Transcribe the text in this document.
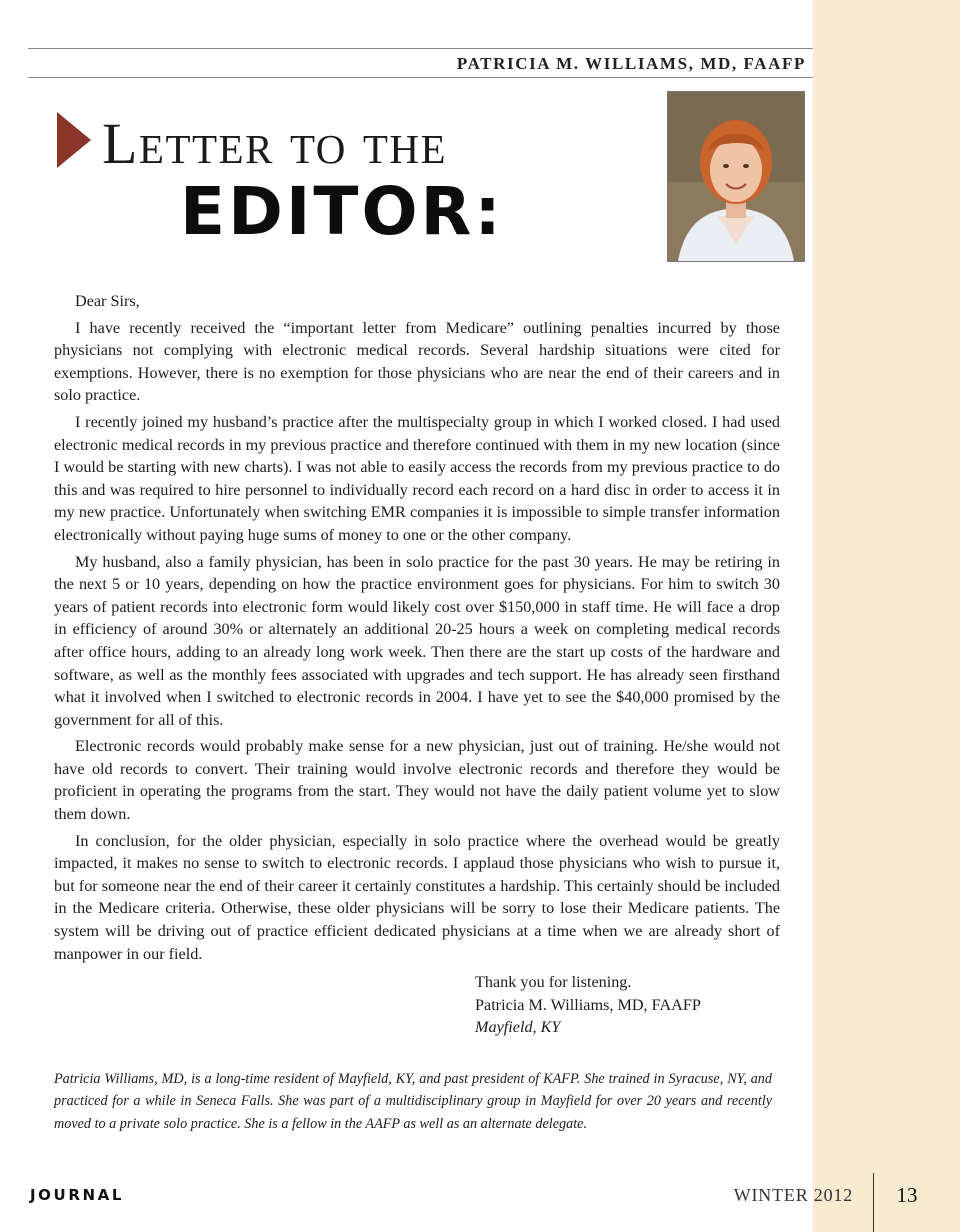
PATRICIA M. WILLIAMS, MD, FAAFP
Letter to the
EDITOR:

Dear Sirs,

I have recently received the “important letter from Medicare” outlining penalties incurred by those physicians not complying with electronic medical records. Several hardship situations were cited for exemptions. However, there is no exemption for those physicians who are near the end of their careers and in solo practice.

I recently joined my husband’s practice after the multispecialty group in which I worked closed. I had used electronic medical records in my previous practice and therefore continued with them in my new location (since I would be starting with new charts). I was not able to easily access the records from my previous practice to do this and was required to hire personnel to individually record each record on a hard disc in order to access it in my new practice. Unfortunately when switching EMR companies it is impossible to simple transfer information electronically without paying huge sums of money to one or the other company.

My husband, also a family physician, has been in solo practice for the past 30 years. He may be retiring in the next 5 or 10 years, depending on how the practice environment goes for physicians. For him to switch 30 years of patient records into electronic form would likely cost over $150,000 in staff time. He will face a drop in efficiency of around 30% or alternately an additional 20-25 hours a week on completing medical records after office hours, adding to an already long work week. Then there are the start up costs of the hardware and software, as well as the monthly fees associated with upgrades and tech support. He has already seen firsthand what it involved when I switched to electronic records in 2004. I have yet to see the $40,000 promised by the government for all of this.

Electronic records would probably make sense for a new physician, just out of training. He/she would not have old records to convert. Their training would involve electronic records and therefore they would be proficient in operating the programs from the start. They would not have the daily patient volume yet to slow them down.

In conclusion, for the older physician, especially in solo practice where the overhead would be greatly impacted, it makes no sense to switch to electronic records. I applaud those physicians who wish to pursue it, but for someone near the end of their career it certainly constitutes a hardship. This certainly should be included in the Medicare criteria. Otherwise, these older physicians will be sorry to lose their Medicare patients. The system will be driving out of practice efficient dedicated physicians at a time when we are already short of manpower in our field.

Thank you for listening.
Patricia M. Williams, MD, FAAFP
Mayfield, KY
Patricia Williams, MD, is a long-time resident of Mayfield, KY, and past president of KAFP. She trained in Syracuse, NY, and practiced for a while in Seneca Falls. She was part of a multidisciplinary group in Mayfield for over 20 years and recently moved to a private solo practice. She is a fellow in the AAFP as well as an alternate delegate.
JOURNAL	WINTER 2012	13
